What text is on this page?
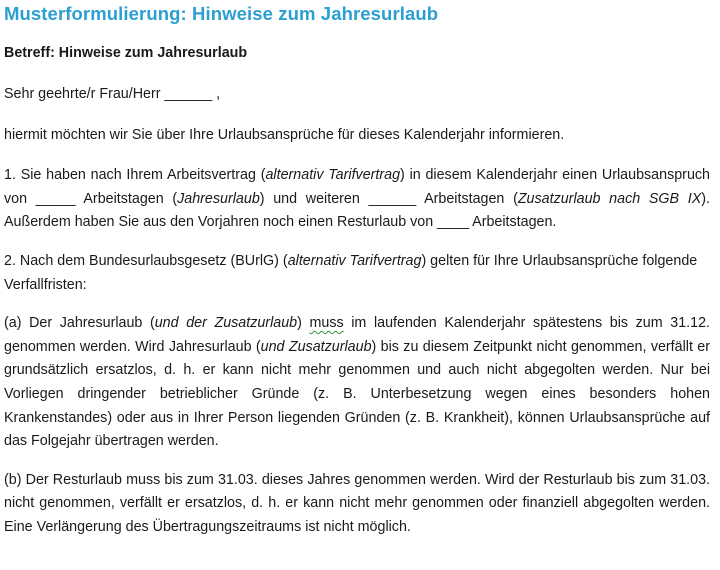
Musterformulierung: Hinweise zum Jahresurlaub
Betreff: Hinweise zum Jahresurlaub

Sehr geehrte/r Frau/Herr ______ ,

hiermit möchten wir Sie über Ihre Urlaubsansprüche für dieses Kalenderjahr informieren.

1. Sie haben nach Ihrem Arbeitsvertrag (alternativ Tarifvertrag) in diesem Kalenderjahr einen Urlaubsanspruch von _____ Arbeitstagen (Jahresurlaub) und weiteren ______ Arbeitstagen (Zusatzurlaub nach SGB IX). Außerdem haben Sie aus den Vorjahren noch einen Resturlaub von ____ Arbeitstagen.

2. Nach dem Bundesurlaubsgesetz (BUrlG) (alternativ Tarifvertrag) gelten für Ihre Urlaubsansprüche folgende Verfallfristen:

(a) Der Jahresurlaub (und der Zusatzurlaub) muss im laufenden Kalenderjahr spätestens bis zum 31.12. genommen werden. Wird Jahresurlaub (und Zusatzurlaub) bis zu diesem Zeitpunkt nicht genommen, verfällt er grundsätzlich ersatzlos, d. h. er kann nicht mehr genommen und auch nicht abgegolten werden. Nur bei Vorliegen dringender betrieblicher Gründe (z. B. Unterbesetzung wegen eines besonders hohen Krankenstandes) oder aus in Ihrer Person liegenden Gründen (z. B. Krankheit), können Urlaubsansprüche auf das Folgejahr übertragen werden.

(b) Der Resturlaub muss bis zum 31.03. dieses Jahres genommen werden. Wird der Resturlaub bis zum 31.03. nicht genommen, verfällt er ersatzlos, d. h. er kann nicht mehr genommen oder finanziell abgegolten werden. Eine Verlängerung des Übertragungszeitraums ist nicht möglich.
